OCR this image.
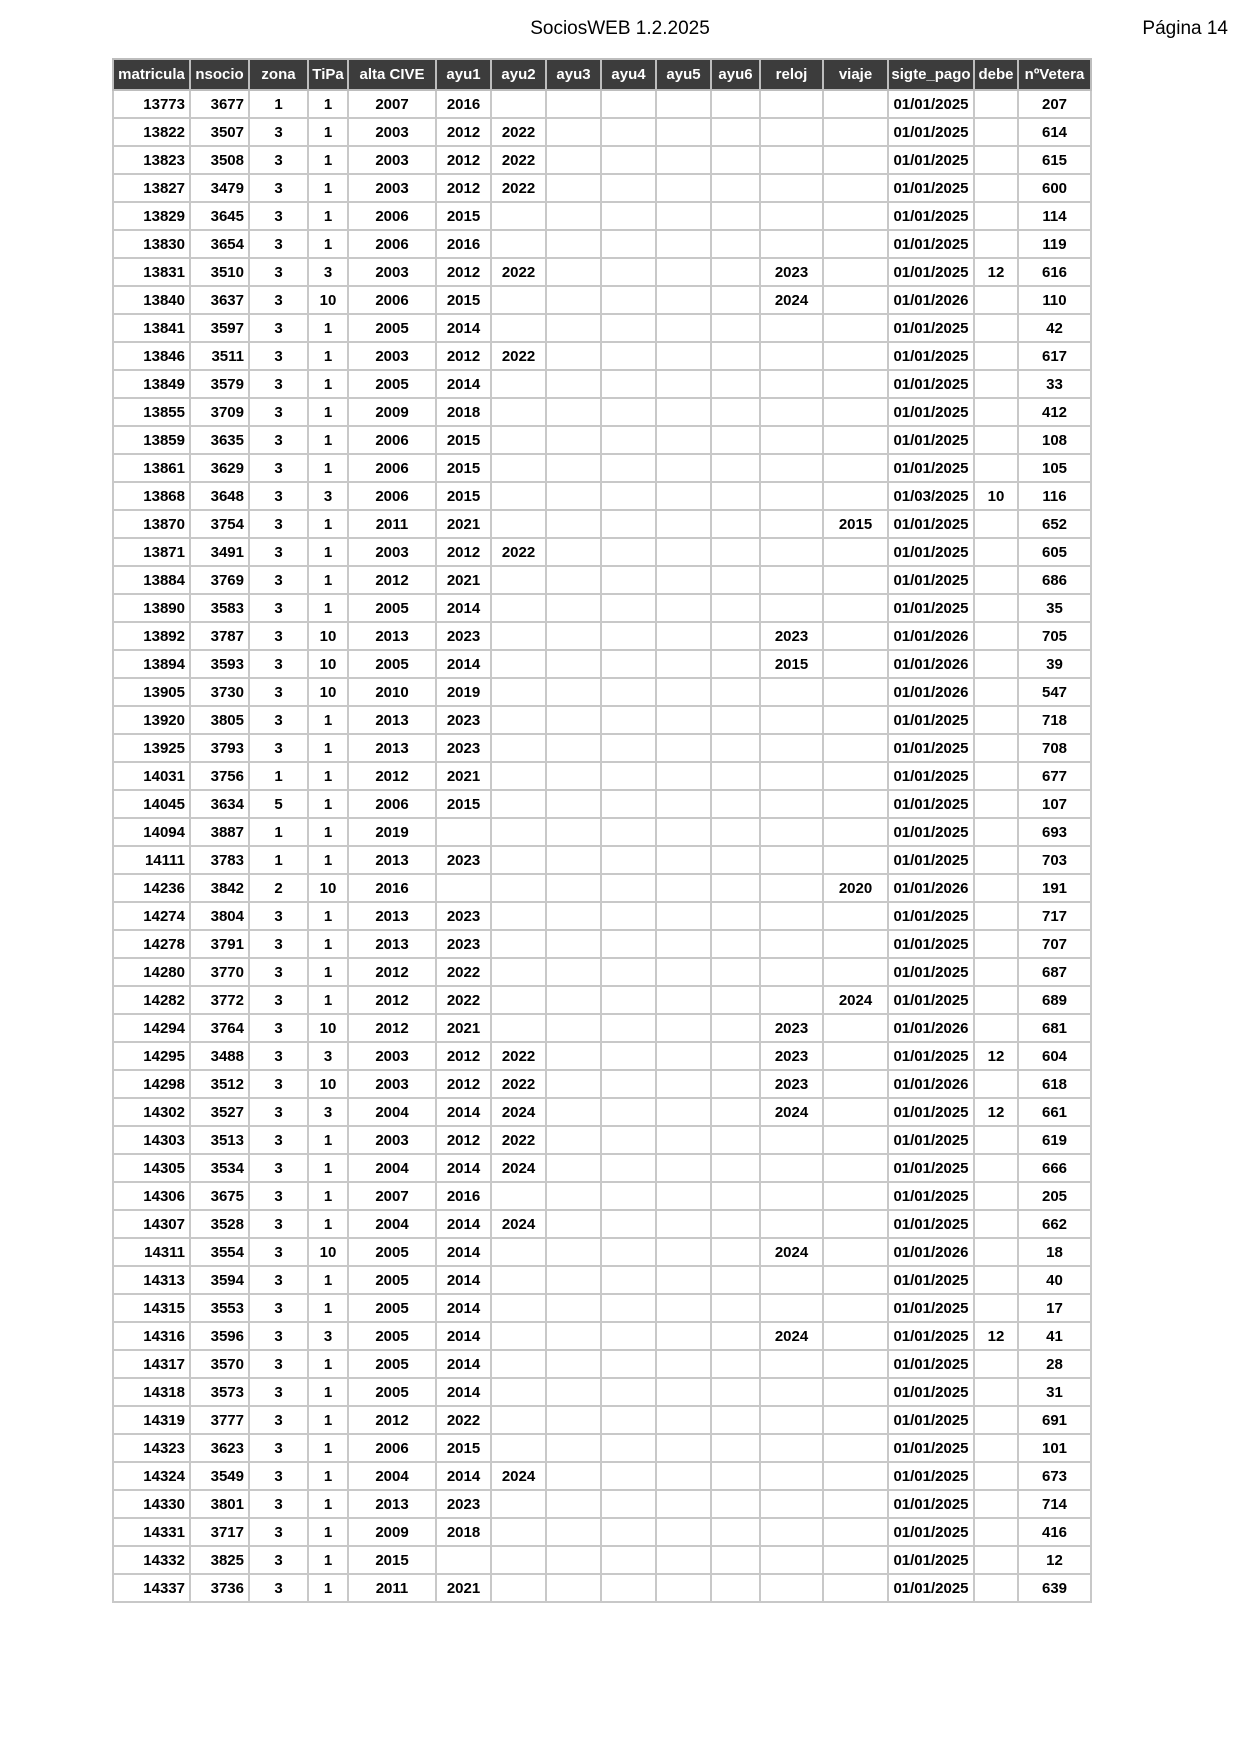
SociosWEB 1.2.2025	Página 14
matricula	nsocio	zona	TiPa	alta CIVE	ayu1	ayu2	ayu3	ayu4	ayu5	ayu6	reloj	viaje	sigte_pago	debe	nºVetera
13773	3677	1	1	2007	2016								01/01/2025		207
13822	3507	3	1	2003	2012	2022							01/01/2025		614
13823	3508	3	1	2003	2012	2022							01/01/2025		615
13827	3479	3	1	2003	2012	2022							01/01/2025		600
13829	3645	3	1	2006	2015								01/01/2025		114
13830	3654	3	1	2006	2016								01/01/2025		119
13831	3510	3	3	2003	2012	2022					2023		01/01/2025	12	616
13840	3637	3	10	2006	2015						2024		01/01/2026		110
13841	3597	3	1	2005	2014								01/01/2025		42
13846	3511	3	1	2003	2012	2022							01/01/2025		617
13849	3579	3	1	2005	2014								01/01/2025		33
13855	3709	3	1	2009	2018								01/01/2025		412
13859	3635	3	1	2006	2015								01/01/2025		108
13861	3629	3	1	2006	2015								01/01/2025		105
13868	3648	3	3	2006	2015								01/03/2025	10	116
13870	3754	3	1	2011	2021							2015	01/01/2025		652
13871	3491	3	1	2003	2012	2022							01/01/2025		605
13884	3769	3	1	2012	2021								01/01/2025		686
13890	3583	3	1	2005	2014								01/01/2025		35
13892	3787	3	10	2013	2023						2023		01/01/2026		705
13894	3593	3	10	2005	2014						2015		01/01/2026		39
13905	3730	3	10	2010	2019								01/01/2026		547
13920	3805	3	1	2013	2023								01/01/2025		718
13925	3793	3	1	2013	2023								01/01/2025		708
14031	3756	1	1	2012	2021								01/01/2025		677
14045	3634	5	1	2006	2015								01/01/2025		107
14094	3887	1	1	2019									01/01/2025		693
14111	3783	1	1	2013	2023								01/01/2025		703
14236	3842	2	10	2016								2020	01/01/2026		191
14274	3804	3	1	2013	2023								01/01/2025		717
14278	3791	3	1	2013	2023								01/01/2025		707
14280	3770	3	1	2012	2022								01/01/2025		687
14282	3772	3	1	2012	2022							2024	01/01/2025		689
14294	3764	3	10	2012	2021						2023		01/01/2026		681
14295	3488	3	3	2003	2012	2022					2023		01/01/2025	12	604
14298	3512	3	10	2003	2012	2022					2023		01/01/2026		618
14302	3527	3	3	2004	2014	2024					2024		01/01/2025	12	661
14303	3513	3	1	2003	2012	2022							01/01/2025		619
14305	3534	3	1	2004	2014	2024							01/01/2025		666
14306	3675	3	1	2007	2016								01/01/2025		205
14307	3528	3	1	2004	2014	2024							01/01/2025		662
14311	3554	3	10	2005	2014						2024		01/01/2026		18
14313	3594	3	1	2005	2014								01/01/2025		40
14315	3553	3	1	2005	2014								01/01/2025		17
14316	3596	3	3	2005	2014						2024		01/01/2025	12	41
14317	3570	3	1	2005	2014								01/01/2025		28
14318	3573	3	1	2005	2014								01/01/2025		31
14319	3777	3	1	2012	2022								01/01/2025		691
14323	3623	3	1	2006	2015								01/01/2025		101
14324	3549	3	1	2004	2014	2024							01/01/2025		673
14330	3801	3	1	2013	2023								01/01/2025		714
14331	3717	3	1	2009	2018								01/01/2025		416
14332	3825	3	1	2015									01/01/2025		12
14337	3736	3	1	2011	2021								01/01/2025		639
